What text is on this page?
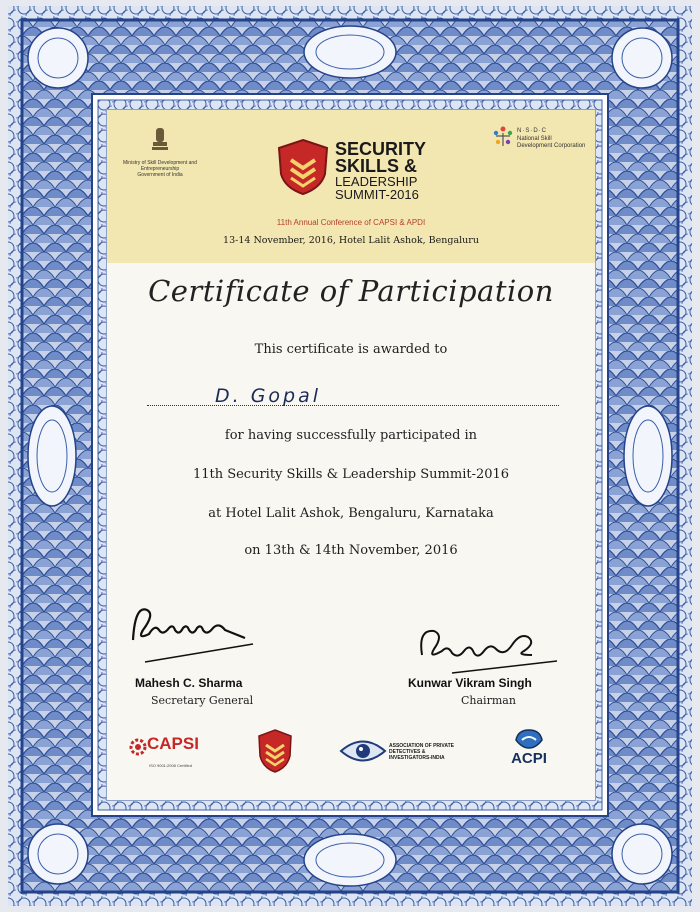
Ministry of Skill Development and
Entrepreneurship
Government of India
SECURITY
SKILLS &
LEADERSHIP
SUMMIT-2016
N·S·D·C
National Skill Development Corporation
11th Annual Conference of CAPSI & APDI
13-14 November, 2016, Hotel Lalit Ashok, Bengaluru
Certificate of Participation
This certificate is awarded to
D. Gopal
for having successfully participated in
11th Security Skills & Leadership Summit-2016
at Hotel Lalit Ashok, Bengaluru, Karnataka
on 13th & 14th November, 2016
Mahesh C. Sharma
Secretary General
Kunwar Vikram Singh
Chairman
CAPSI
ISO 9001:2008 Certified
ASSOCIATION OF PRIVATE DETECTIVES & INVESTIGATORS-INDIA	ACPI
